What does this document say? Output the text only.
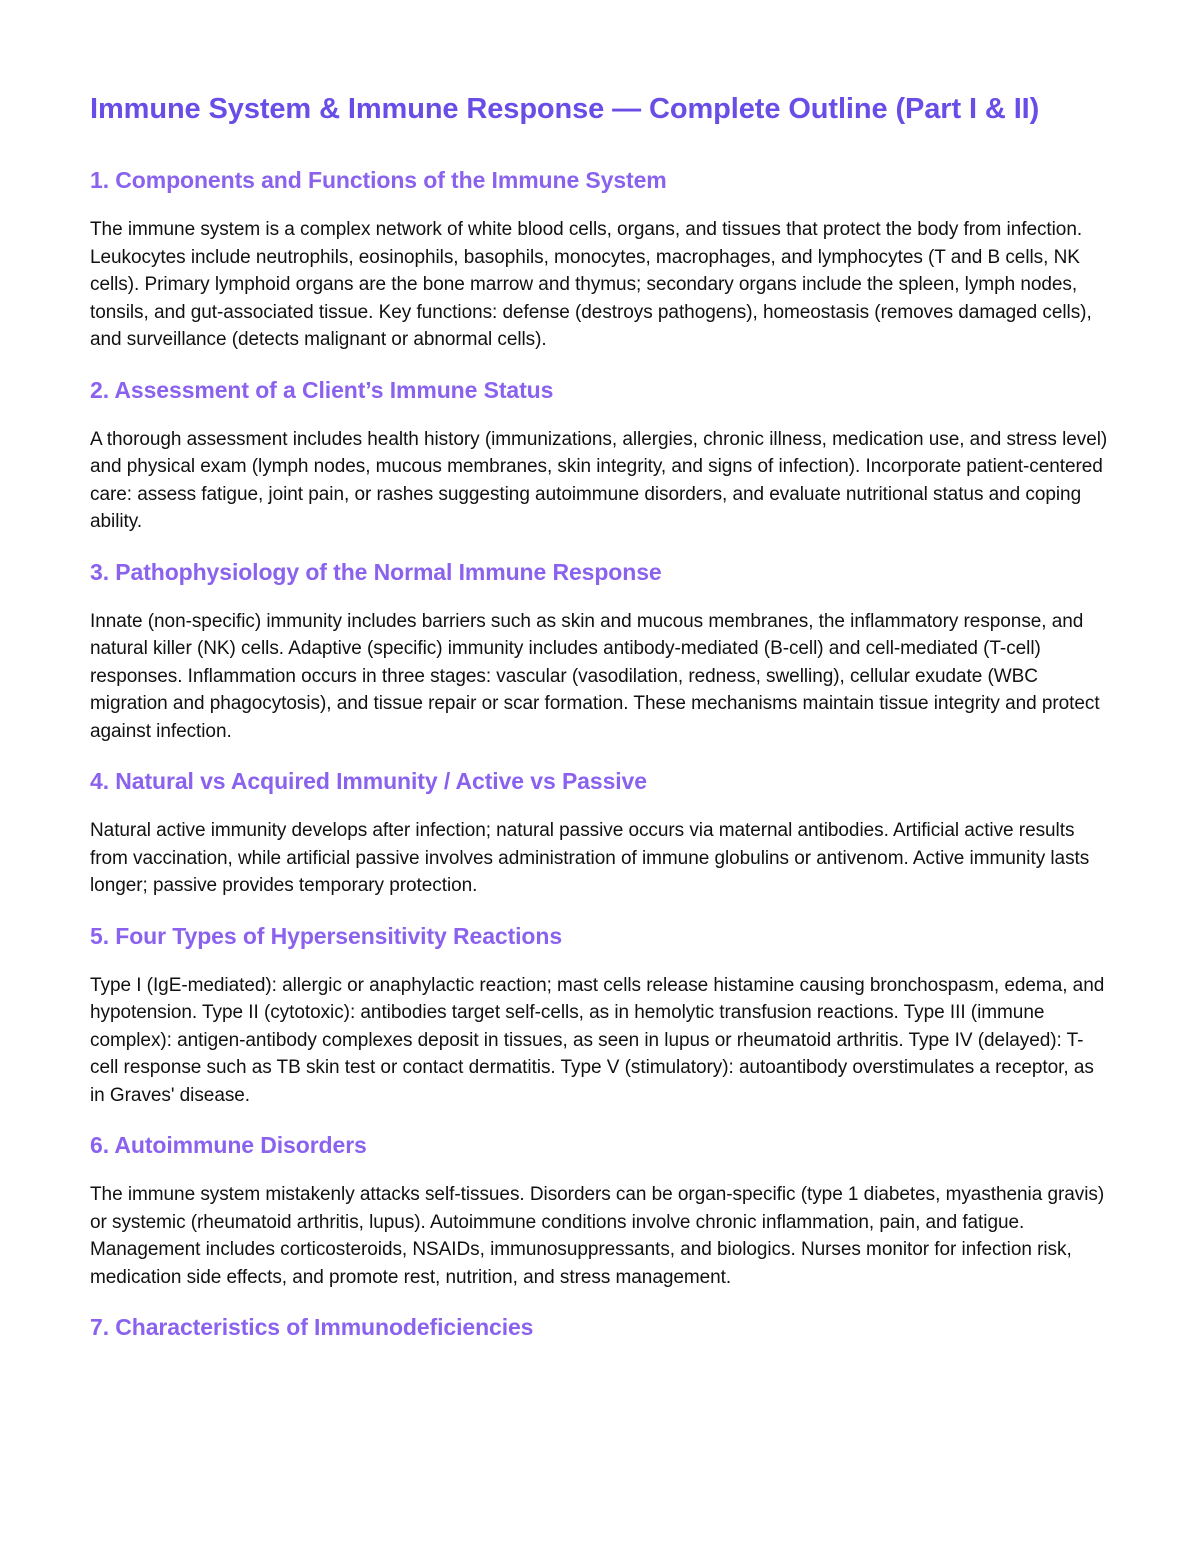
Immune System & Immune Response — Complete Outline (Part I & II)
1. Components and Functions of the Immune System

The immune system is a complex network of white blood cells, organs, and tissues that protect the body from infection. Leukocytes include neutrophils, eosinophils, basophils, monocytes, macrophages, and lymphocytes (T and B cells, NK cells). Primary lymphoid organs are the bone marrow and thymus; secondary organs include the spleen, lymph nodes, tonsils, and gut-associated tissue. Key functions: defense (destroys pathogens), homeostasis (removes damaged cells), and surveillance (detects malignant or abnormal cells).

2. Assessment of a Client’s Immune Status

A thorough assessment includes health history (immunizations, allergies, chronic illness, medication use, and stress level) and physical exam (lymph nodes, mucous membranes, skin integrity, and signs of infection). Incorporate patient-centered care: assess fatigue, joint pain, or rashes suggesting autoimmune disorders, and evaluate nutritional status and coping ability.

3. Pathophysiology of the Normal Immune Response

Innate (non-specific) immunity includes barriers such as skin and mucous membranes, the inflammatory response, and natural killer (NK) cells. Adaptive (specific) immunity includes antibody-mediated (B-cell) and cell-mediated (T-cell) responses. Inflammation occurs in three stages: vascular (vasodilation, redness, swelling), cellular exudate (WBC migration and phagocytosis), and tissue repair or scar formation. These mechanisms maintain tissue integrity and protect against infection.

4. Natural vs Acquired Immunity / Active vs Passive

Natural active immunity develops after infection; natural passive occurs via maternal antibodies. Artificial active results from vaccination, while artificial passive involves administration of immune globulins or antivenom. Active immunity lasts longer; passive provides temporary protection.

5. Four Types of Hypersensitivity Reactions

Type I (IgE-mediated): allergic or anaphylactic reaction; mast cells release histamine causing bronchospasm, edema, and hypotension. Type II (cytotoxic): antibodies target self-cells, as in hemolytic transfusion reactions. Type III (immune complex): antigen-antibody complexes deposit in tissues, as seen in lupus or rheumatoid arthritis. Type IV (delayed): T-cell response such as TB skin test or contact dermatitis. Type V (stimulatory): autoantibody overstimulates a receptor, as in Graves' disease.

6. Autoimmune Disorders

The immune system mistakenly attacks self-tissues. Disorders can be organ-specific (type 1 diabetes, myasthenia gravis) or systemic (rheumatoid arthritis, lupus). Autoimmune conditions involve chronic inflammation, pain, and fatigue. Management includes corticosteroids, NSAIDs, immunosuppressants, and biologics. Nurses monitor for infection risk, medication side effects, and promote rest, nutrition, and stress management.

7. Characteristics of Immunodeficiencies
